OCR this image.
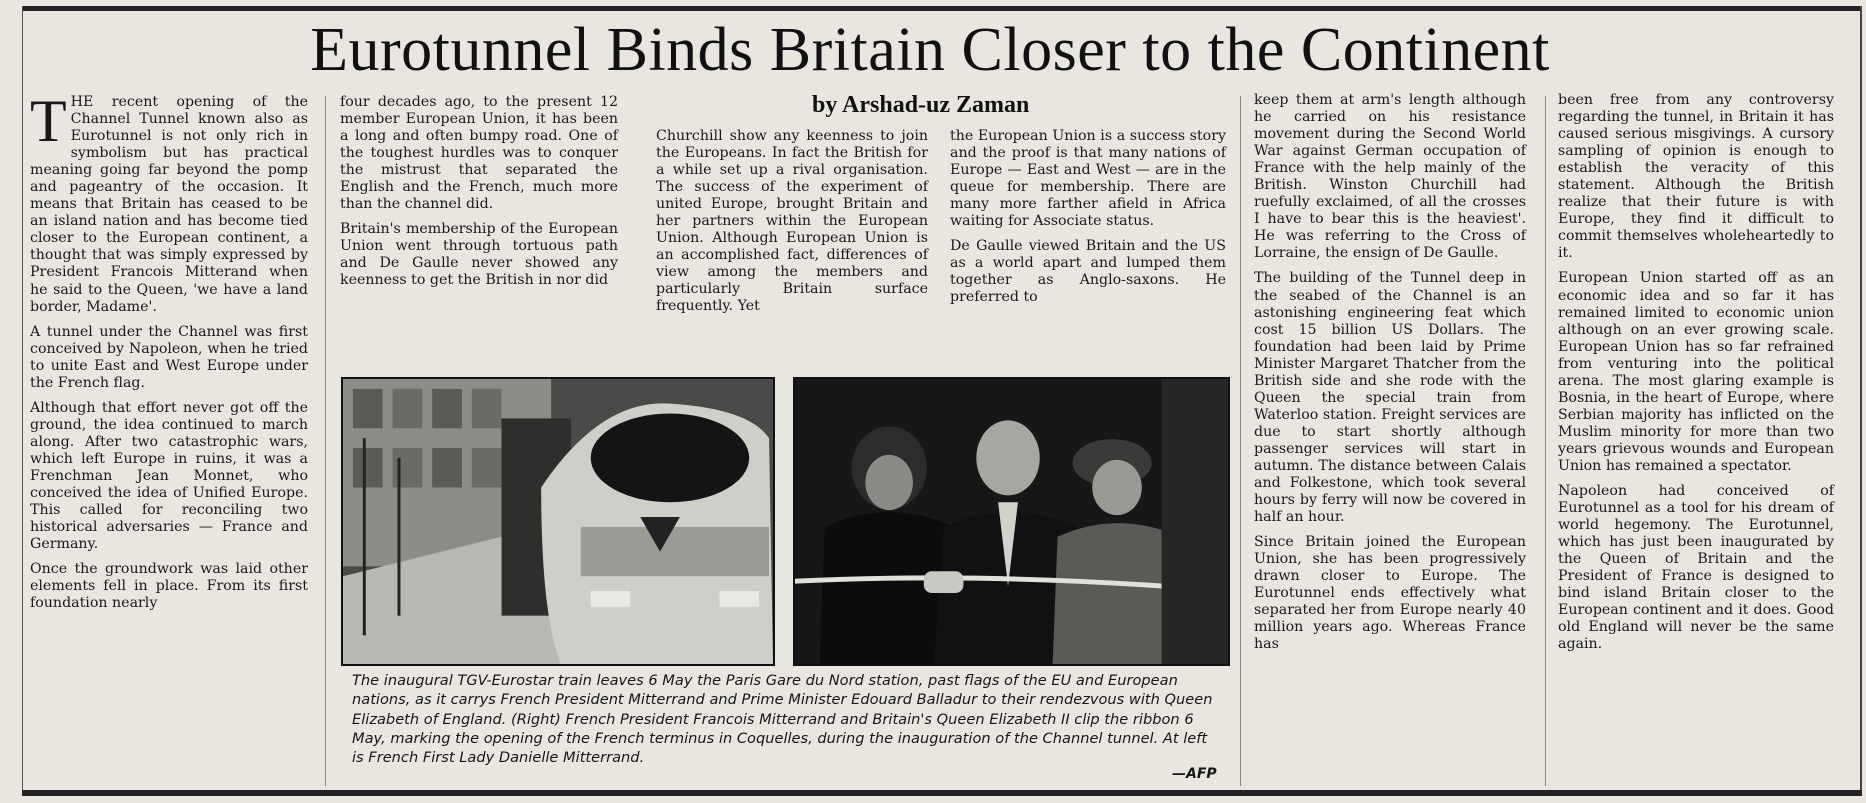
Eurotunnel Binds Britain Closer to the Continent
by Arshad-uz Zaman
T HE recent opening of the Channel Tunnel known also as Eurotunnel is not only rich in symbolism but has practical meaning going far beyond the pomp and pageantry of the occasion. It means that Britain has ceased to be an island nation and has become tied closer to the European continent, a thought that was simply expressed by President Francois Mitterand when he said to the Queen, 'we have a land border, Madame'.

A tunnel under the Channel was first conceived by Napoleon, when he tried to unite East and West Europe under the French flag.

Although that effort never got off the ground, the idea continued to march along. After two catastrophic wars, which left Europe in ruins, it was a Frenchman Jean Monnet, who conceived the idea of Unified Europe. This called for reconciling two historical adversaries — France and Germany.

Once the groundwork was laid other elements fell in place. From its first foundation nearly

four decades ago, to the present 12 member European Union, it has been a long and often bumpy road. One of the toughest hurdles was to conquer the mistrust that separated the English and the French, much more than the channel did.

Britain's membership of the European Union went through tortuous path and De Gaulle never showed any keenness to get the British in nor did

Churchill show any keenness to join the Europeans. In fact the British for a while set up a rival organisation. The success of the experiment of united Europe, brought Britain and her partners within the European Union. Although European Union is an accomplished fact, differences of view among the members and particularly Britain surface frequently. Yet

the European Union is a success story and the proof is that many nations of Europe — East and West — are in the queue for membership. There are many more farther afield in Africa waiting for Associate status.

De Gaulle viewed Britain and the US as a world apart and lumped them together as Anglo-saxons. He preferred to

keep them at arm's length although he carried on his resistance movement during the Second World War against German occupation of France with the help mainly of the British. Winston Churchill had ruefully exclaimed, of all the crosses I have to bear this is the heaviest'. He was referring to the Cross of Lorraine, the ensign of De Gaulle.

The building of the Tunnel deep in the seabed of the Channel is an astonishing engineering feat which cost 15 billion US Dollars. The foundation had been laid by Prime Minister Margaret Thatcher from the British side and she rode with the Queen the special train from Waterloo station. Freight services are due to start shortly although passenger services will start in autumn. The distance between Calais and Folkestone, which took several hours by ferry will now be covered in half an hour.

Since Britain joined the European Union, she has been progressively drawn closer to Europe. The Eurotunnel ends effectively what separated her from Europe nearly 40 million years ago. Whereas France has

been free from any controversy regarding the tunnel, in Britain it has caused serious misgivings. A cursory sampling of opinion is enough to establish the veracity of this statement. Although the British realize that their future is with Europe, they find it difficult to commit themselves wholeheartedly to it.

European Union started off as an economic idea and so far it has remained limited to economic union although on an ever growing scale. European Union has so far refrained from venturing into the political arena. The most glaring example is Bosnia, in the heart of Europe, where Serbian majority has inflicted on the Muslim minority for more than two years grievous wounds and European Union has remained a spectator.

Napoleon had conceived of Eurotunnel as a tool for his dream of world hegemony. The Eurotunnel, which has just been inaugurated by the Queen of Britain and the President of France is designed to bind island Britain closer to the European continent and it does. Good old England will never be the same again.

The inaugural TGV-Eurostar train leaves 6 May the Paris Gare du Nord station, past flags of the EU and European nations, as it carrys French President Mitterrand and Prime Minister Edouard Balladur to their rendezvous with Queen Elizabeth of England. (Right) French President Francois Mitterrand and Britain's Queen Elizabeth II clip the ribbon 6 May, marking the opening of the French terminus in Coquelles, during the inauguration of the Channel tunnel. At left is French First Lady Danielle Mitterrand.
—AFP
